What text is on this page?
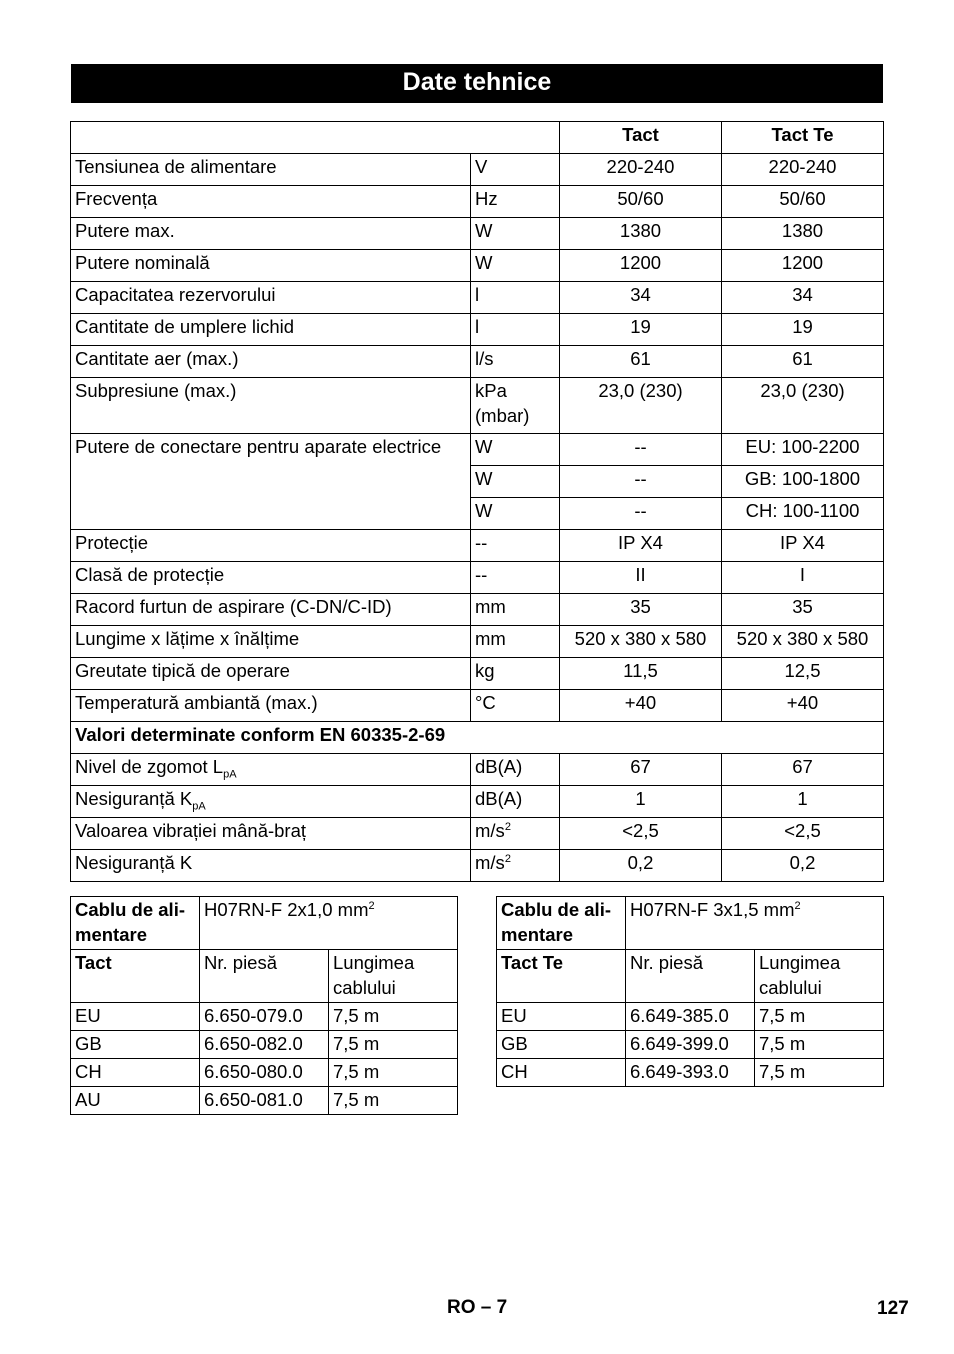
Date tehnice
		Tact	Tact Te
Tensiunea de alimentare	V	220-240	220-240
Frecvența	Hz	50/60	50/60
Putere max.	W	1380	1380
Putere nominală	W	1200	1200
Capacitatea rezervorului	l	34	34
Cantitate de umplere lichid	l	19	19
Cantitate aer (max.)	l/s	61	61
Subpresiune (max.)	kPa (mbar)	23,0 (230)	23,0 (230)
Putere de conectare pentru aparate electrice	W	--	EU: 100-2200
	W	--	GB: 100-1800
	W	--	CH: 100-1100
Protecție	--	IP X4	IP X4
Clasă de protecție	--	II	I
Racord furtun de aspirare (C-DN/C-ID)	mm	35	35
Lungime x lățime x înălțime	mm	520 x 380 x 580	520 x 380 x 580
Greutate tipică de operare	kg	11,5	12,5
Temperatură ambiantă (max.)	°C	+40	+40
Valori determinate conform EN 60335-2-69			
Nivel de zgomot $L_{pA}$	dB(A)	67	67
Nesiguranță $K_{pA}$	dB(A)	1	1
Valoarea vibrației mână-braț	$m/s^2$	<2,5	<2,5
Nesiguranță K	$m/s^2$	0,2	0,2
Cablu de ali-mentare	H07RN-F 2x1,0 $mm^2$
Tact	Nr. piesă	Lungimea cablului
EU	6.650-079.0	7,5 m
GB	6.650-082.0	7,5 m
CH	6.650-080.0	7,5 m
AU	6.650-081.0	7,5 m
Cablu de ali-mentare	H07RN-F 3x1,5 $mm^2$
Tact Te	Nr. piesă	Lungimea cablului
EU	6.649-385.0	7,5 m
GB	6.649-399.0	7,5 m
CH	6.649-393.0	7,5 m
RO – 7	127
